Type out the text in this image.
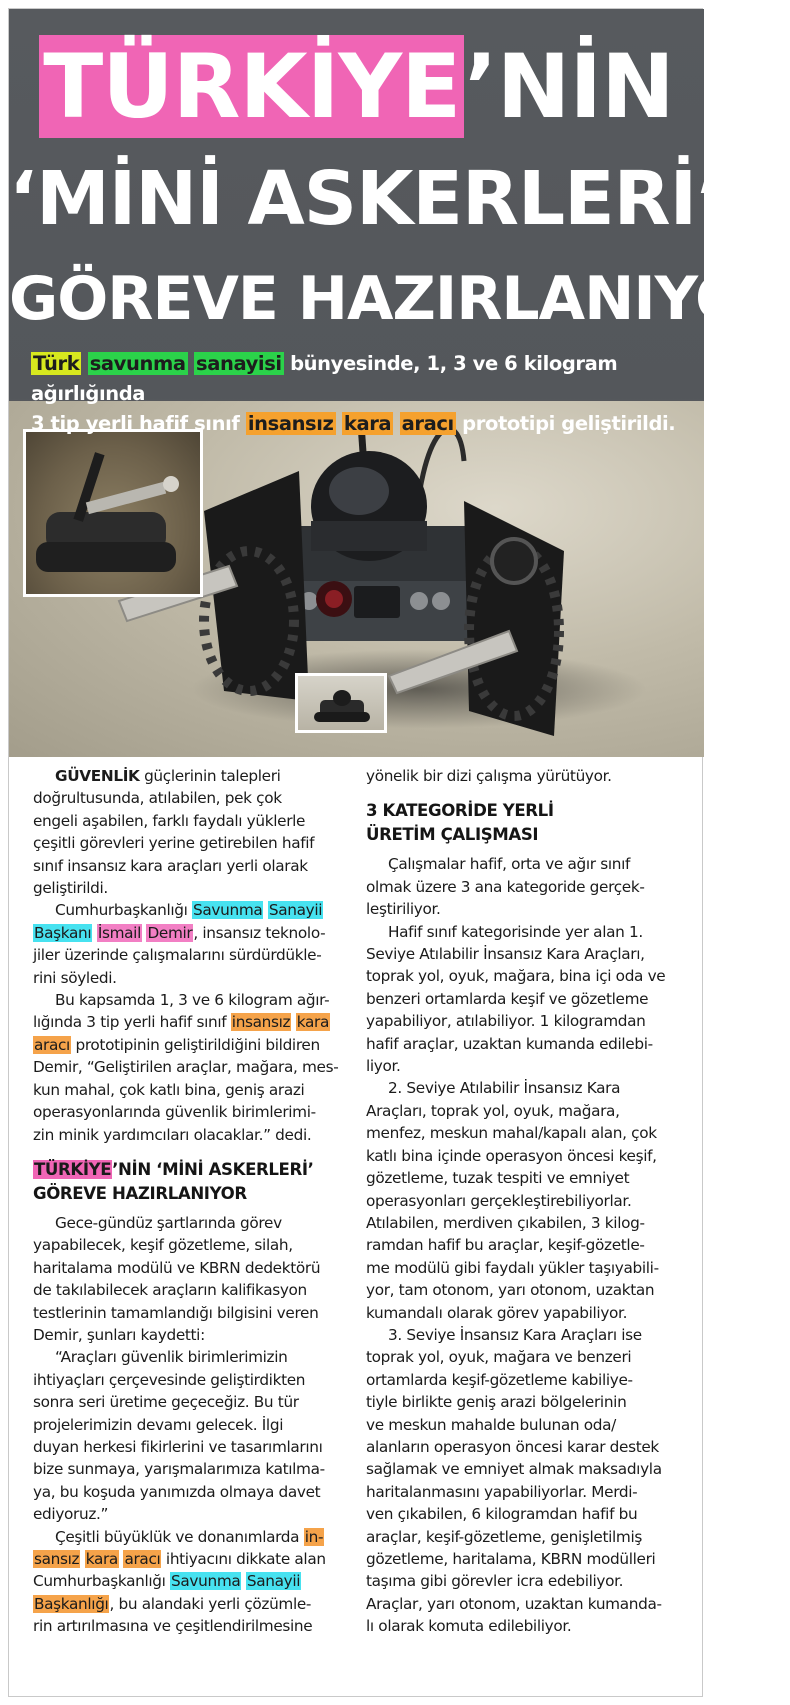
TÜRKİYE’NİN
‘MİNİ ASKERLERİ’
GÖREVE HAZIRLANIYOR
Türk savunma sanayisi bünyesinde, 1, 3 ve 6 kilogram ağırlığında
3 tip yerli hafif sınıf insansız kara aracı prototipi geliştirildi.

GÜVENLİK güçlerinin talepleri
doğrultusunda, atılabilen, pek çok
engeli aşabilen, farklı faydalı yüklerle
çeşitli görevleri yerine getirebilen hafif
sınıf insansız kara araçları yerli olarak
geliştirildi.

Cumhurbaşkanlığı Savunma Sanayii
Başkanı İsmail Demir, insansız teknolo-
jiler üzerinde çalışmalarını sürdürdükle-
rini söyledi.

Bu kapsamda 1, 3 ve 6 kilogram ağır-
lığında 3 tip yerli hafif sınıf insansız kara
aracı prototipinin geliştirildiğini bildiren
Demir, “Geliştirilen araçlar, mağara, mes-
kun mahal, çok katlı bina, geniş arazi
operasyonlarında güvenlik birimlerimi-
zin minik yardımcıları olacaklar.” dedi.

TÜRKİYE’NİN ‘MİNİ ASKERLERİ’
GÖREVE HAZIRLANIYOR

Gece-gündüz şartlarında görev
yapabilecek, keşif gözetleme, silah,
haritalama modülü ve KBRN dedektörü
de takılabilecek araçların kalifikasyon
testlerinin tamamlandığı bilgisini veren
Demir, şunları kaydetti:

“Araçları güvenlik birimlerimizin
ihtiyaçları çerçevesinde geliştirdikten
sonra seri üretime geçeceğiz. Bu tür
projelerimizin devamı gelecek. İlgi
duyan herkesi fikirlerini ve tasarımlarını
bize sunmaya, yarışmalarımıza katılma-
ya, bu koşuda yanımızda olmaya davet
ediyoruz.”

Çeşitli büyüklük ve donanımlarda in-
sansız kara aracı ihtiyacını dikkate alan
Cumhurbaşkanlığı Savunma Sanayii
Başkanlığı, bu alandaki yerli çözümle-
rin artırılmasına ve çeşitlendirilmesine

yönelik bir dizi çalışma yürütüyor.

3 KATEGORİDE YERLİ
ÜRETİM ÇALIŞMASI

Çalışmalar hafif, orta ve ağır sınıf
olmak üzere 3 ana kategoride gerçek-
leştiriliyor.

Hafif sınıf kategorisinde yer alan 1.
Seviye Atılabilir İnsansız Kara Araçları,
toprak yol, oyuk, mağara, bina içi oda ve
benzeri ortamlarda keşif ve gözetleme
yapabiliyor, atılabiliyor. 1 kilogramdan
hafif araçlar, uzaktan kumanda edilebi-
liyor.

2. Seviye Atılabilir İnsansız Kara
Araçları, toprak yol, oyuk, mağara,
menfez, meskun mahal/kapalı alan, çok
katlı bina içinde operasyon öncesi keşif,
gözetleme, tuzak tespiti ve emniyet
operasyonları gerçekleştirebiliyorlar.
Atılabilen, merdiven çıkabilen, 3 kilog-
ramdan hafif bu araçlar, keşif-gözetle-
me modülü gibi faydalı yükler taşıyabili-
yor, tam otonom, yarı otonom, uzaktan
kumandalı olarak görev yapabiliyor.

3. Seviye İnsansız Kara Araçları ise
toprak yol, oyuk, mağara ve benzeri
ortamlarda keşif-gözetleme kabiliye-
tiyle birlikte geniş arazi bölgelerinin
ve meskun mahalde bulunan oda/
alanların operasyon öncesi karar destek
sağlamak ve emniyet almak maksadıyla
haritalanmasını yapabiliyorlar. Merdi-
ven çıkabilen, 6 kilogramdan hafif bu
araçlar, keşif-gözetleme, genişletilmiş
gözetleme, haritalama, KBRN modülleri
taşıma gibi görevler icra edebiliyor.
Araçlar, yarı otonom, uzaktan kumanda-
lı olarak komuta edilebiliyor.
